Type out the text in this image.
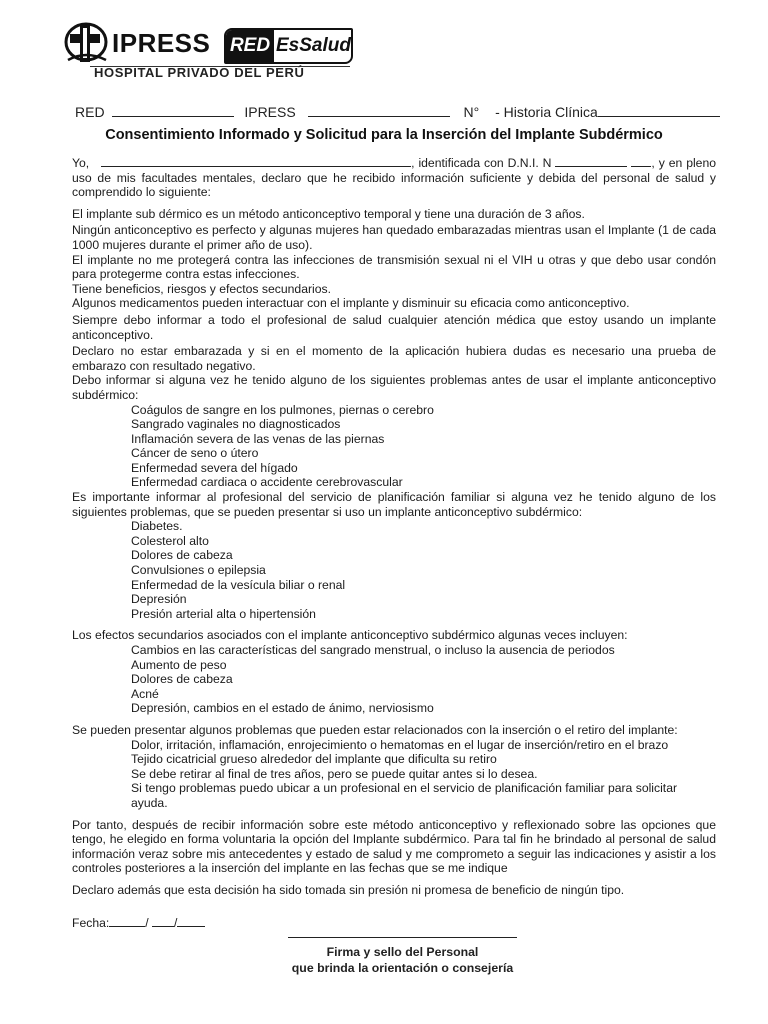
IPRESS RED EsSalud
HOSPITAL PRIVADO DEL PERÚ
RED	IPRESS	N° - Historia Clínica
Consentimiento Informado y Solicitud para la Inserción del Implante Subdérmico

Yo,	, identificada con D.N.I. N	, y en pleno uso de mis facultades mentales, declaro que he recibido información suficiente y debida del personal de salud y comprendido lo siguiente:

El implante sub dérmico es un método anticonceptivo temporal y tiene una duración de 3 años.

Ningún anticonceptivo es perfecto y algunas mujeres han quedado embarazadas mientras usan el Implante (1 de cada 1000 mujeres durante el primer año de uso).

El implante no me protegerá contra las infecciones de transmisión sexual ni el VIH u otras y que debo usar condón para protegerme contra estas infecciones.

Tiene beneficios, riesgos y efectos secundarios.

Algunos medicamentos pueden interactuar con el implante y disminuir su eficacia como anticonceptivo.

Siempre debo informar a todo el profesional de salud cualquier atención médica que estoy usando un implante anticonceptivo.

Declaro no estar embarazada y si en el momento de la aplicación hubiera dudas es necesario una prueba de embarazo con resultado negativo.

Debo informar si alguna vez he tenido alguno de los siguientes problemas antes de usar el implante anticonceptivo subdérmico:

Coágulos de sangre en los pulmones, piernas o cerebro
Sangrado vaginales no diagnosticados
Inflamación severa de las venas de las piernas
Cáncer de seno o útero
Enfermedad severa del hígado
Enfermedad cardiaca o accidente cerebrovascular

Es importante informar al profesional del servicio de planificación familiar si alguna vez he tenido alguno de los siguientes problemas, que se pueden presentar si uso un implante anticonceptivo subdérmico:

Diabetes.
Colesterol alto
Dolores de cabeza
Convulsiones o epilepsia
Enfermedad de la vesícula biliar o renal
Depresión
Presión arterial alta o hipertensión

Los efectos secundarios asociados con el implante anticonceptivo subdérmico algunas veces incluyen:

Cambios en las características del sangrado menstrual, o incluso la ausencia de periodos
Aumento de peso
Dolores de cabeza
Acné
Depresión, cambios en el estado de ánimo, nerviosismo

Se pueden presentar algunos problemas que pueden estar relacionados con la inserción o el retiro del implante:

Dolor, irritación, inflamación, enrojecimiento o hematomas en el lugar de inserción/retiro en el brazo
Tejido cicatricial grueso alrededor del implante que dificulta su retiro
Se debe retirar al final de tres años, pero se puede quitar antes si lo desea.
Si tengo problemas puedo ubicar a un profesional en el servicio de planificación familiar para solicitar ayuda.

Por tanto, después de recibir información sobre este método anticonceptivo y reflexionado sobre las opciones que tengo, he elegido en forma voluntaria la opción del Implante subdérmico. Para tal fin he brindado al personal de salud información veraz sobre mis antecedentes y estado de salud y me comprometo a seguir las indicaciones y asistir a los controles posteriores a la inserción del implante en las fechas que se me indique

Declaro además que esta decisión ha sido tomada sin presión ni promesa de beneficio de ningún tipo.

Fecha:	/ /

Firma y sello del Personal
que brinda la orientación o consejería
